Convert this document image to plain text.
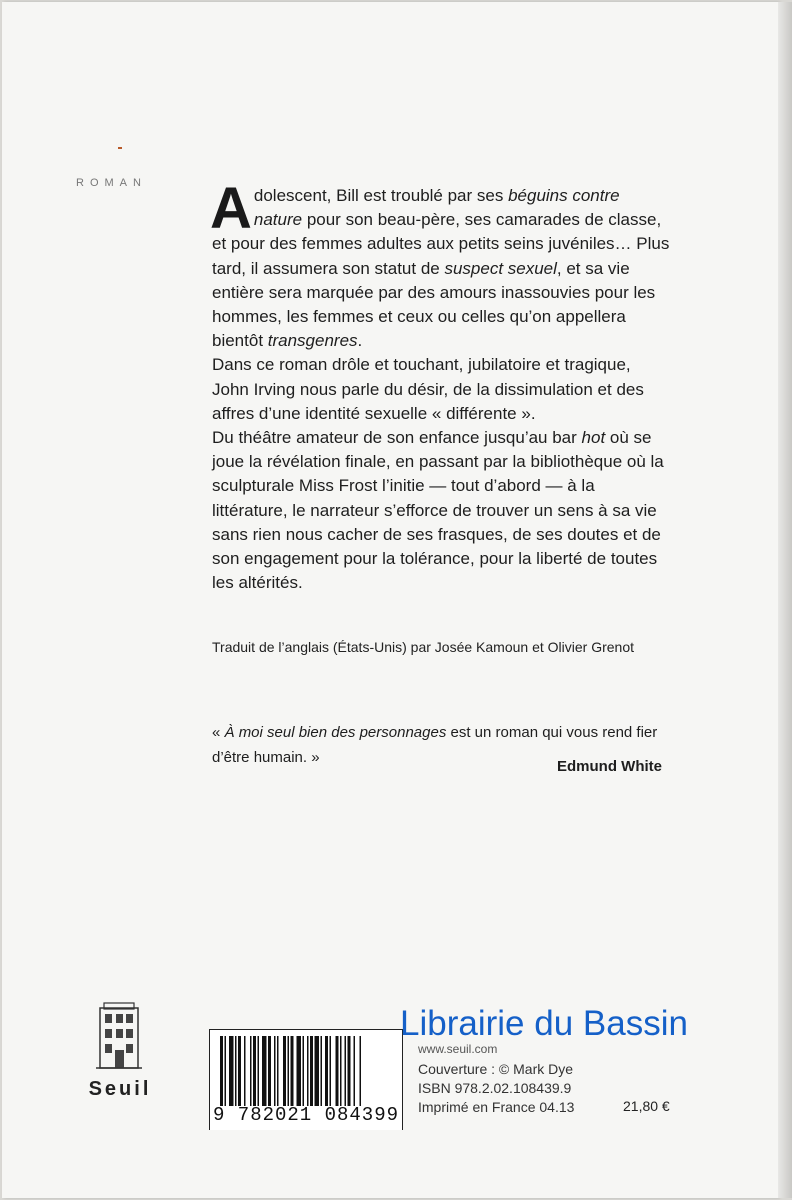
ROMAN Adolescent, Bill est troublé par ses béguins contre nature pour son beau-père, ses camarades de classe, et pour des femmes adultes aux petits seins juvéniles… Plus tard, il assumera son statut de suspect sexuel, et sa vie entière sera marquée par des amours inassouvies pour les hommes, les femmes et ceux ou celles qu’on appellera bientôt transgenres.

Dans ce roman drôle et touchant, jubilatoire et tragique, John Irving nous parle du désir, de la dissimulation et des affres d’une identité sexuelle « différente ».

Du théâtre amateur de son enfance jusqu’au bar hot où se joue la révélation finale, en passant par la bibliothèque où la sculpturale Miss Frost l’initie — tout d’abord — à la littérature, le narrateur s’efforce de trouver un sens à sa vie sans rien nous cacher de ses frasques, de ses doutes et de son engagement pour la tolérance, pour la liberté de toutes les altérités.

Traduit de l’anglais (États-Unis) par Josée Kamoun et Olivier Grenot
« À moi seul bien des personnages est un roman qui vous rend fier d’être humain. »
Edmund White
Seuil
9 782021 084399
www.seuil.com
Librairie du Bassin
Couverture : © Mark Dye
ISBN 978.2.02.108439.9
Imprimé en France 04.13	21,80 €
